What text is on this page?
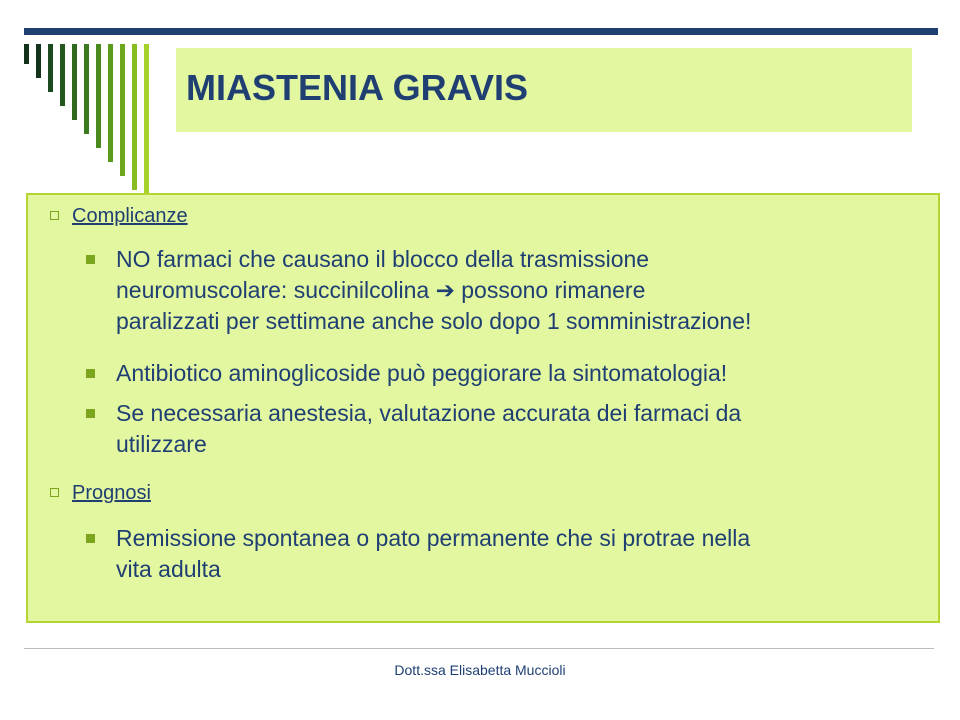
MIASTENIA GRAVIS

Complicanze

NO farmaci che causano il blocco della trasmissione
neuromuscolare: succinilcolina ➔ possono rimanere
paralizzati per settimane anche solo dopo 1 somministrazione!

Antibiotico aminoglicoside può peggiorare la sintomatologia!

Se necessaria anestesia, valutazione accurata dei farmaci da
utilizzare

Prognosi

Remissione spontanea o pato permanente che si protrae nella
vita adulta

Dott.ssa Elisabetta Muccioli
